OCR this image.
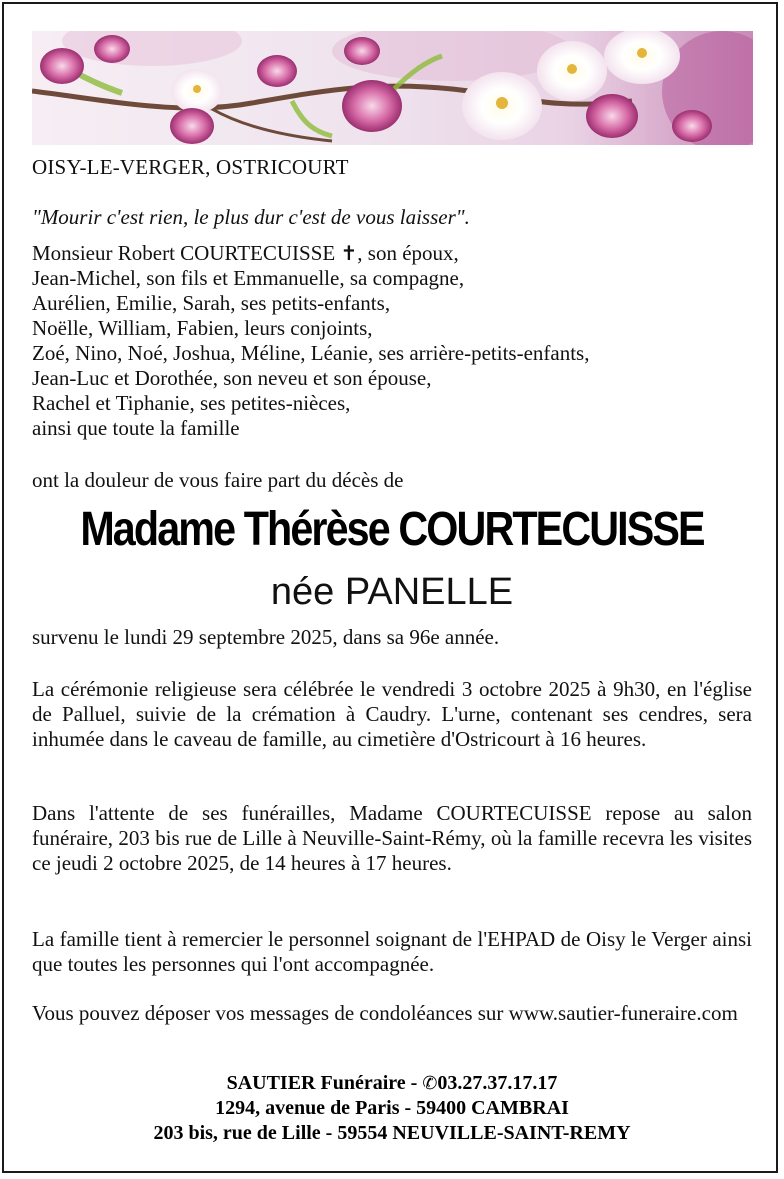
OISY-LE-VERGER, OSTRICOURT
"Mourir c'est rien, le plus dur c'est de vous laisser".
Monsieur Robert COURTECUISSE ✝, son époux,
Jean-Michel, son fils et Emmanuelle, sa compagne,
Aurélien, Emilie, Sarah, ses petits-enfants,
Noëlle, William, Fabien, leurs conjoints,
Zoé, Nino, Noé, Joshua, Méline, Léanie, ses arrière-petits-enfants,
Jean-Luc et Dorothée, son neveu et son épouse,
Rachel et Tiphanie, ses petites-nièces,
ainsi que toute la famille
ont la douleur de vous faire part du décès de
Madame Thérèse COURTECUISSE
née PANELLE
survenu le lundi 29 septembre 2025, dans sa 96e année.
La cérémonie religieuse sera célébrée le vendredi 3 octobre 2025 à 9h30, en l'église de Palluel, suivie de la crémation à Caudry. L'urne, contenant ses cendres, sera inhumée dans le caveau de famille, au cimetière d'Ostricourt à 16 heures.
Dans l'attente de ses funérailles, Madame COURTECUISSE repose au salon funéraire, 203 bis rue de Lille à Neuville-Saint-Rémy, où la famille recevra les visites ce jeudi 2 octobre 2025, de 14 heures à 17 heures.
La famille tient à remercier le personnel soignant de l'EHPAD de Oisy le Verger ainsi que toutes les personnes qui l'ont accompagnée.
Vous pouvez déposer vos messages de condoléances sur www.sautier-funeraire.com
SAUTIER Funéraire - ✆03.27.37.17.17
1294, avenue de Paris - 59400 CAMBRAI
203 bis, rue de Lille - 59554 NEUVILLE-SAINT-REMY
